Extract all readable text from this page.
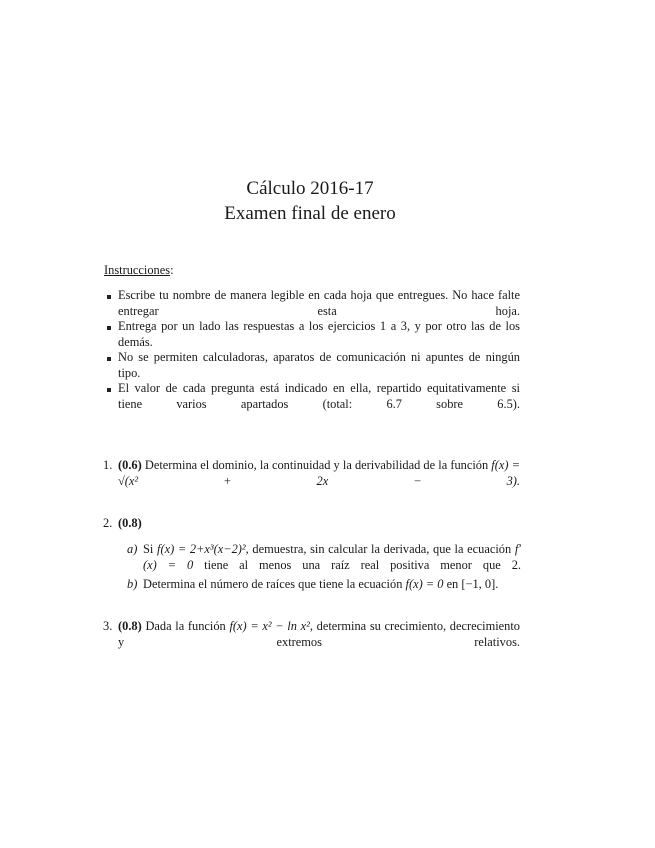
Cálculo 2016-17
Examen final de enero
Instrucciones:
Escribe tu nombre de manera legible en cada hoja que entregues. No hace falte entregar esta hoja.
Entrega por un lado las respuestas a los ejercicios 1 a 3, y por otro las de los demás.
No se permiten calculadoras, aparatos de comunicación ni apuntes de ningún tipo.
El valor de cada pregunta está indicado en ella, repartido equitativamente si tiene varios apartados (total: 6.7 sobre 6.5).
1. (0.6) Determina el dominio, la continuidad y la derivabilidad de la función f(x) = √(x² + 2x − 3).
2. (0.8)
a) Si f(x) = 2+x³(x−2)², demuestra, sin calcular la derivada, que la ecuación f′(x) = 0 tiene al menos una raíz real positiva menor que 2.
b) Determina el número de raíces que tiene la ecuación f(x) = 0 en [−1, 0].
3. (0.8) Dada la función f(x) = x² − ln x², determina su crecimiento, decrecimiento y extremos relativos.
